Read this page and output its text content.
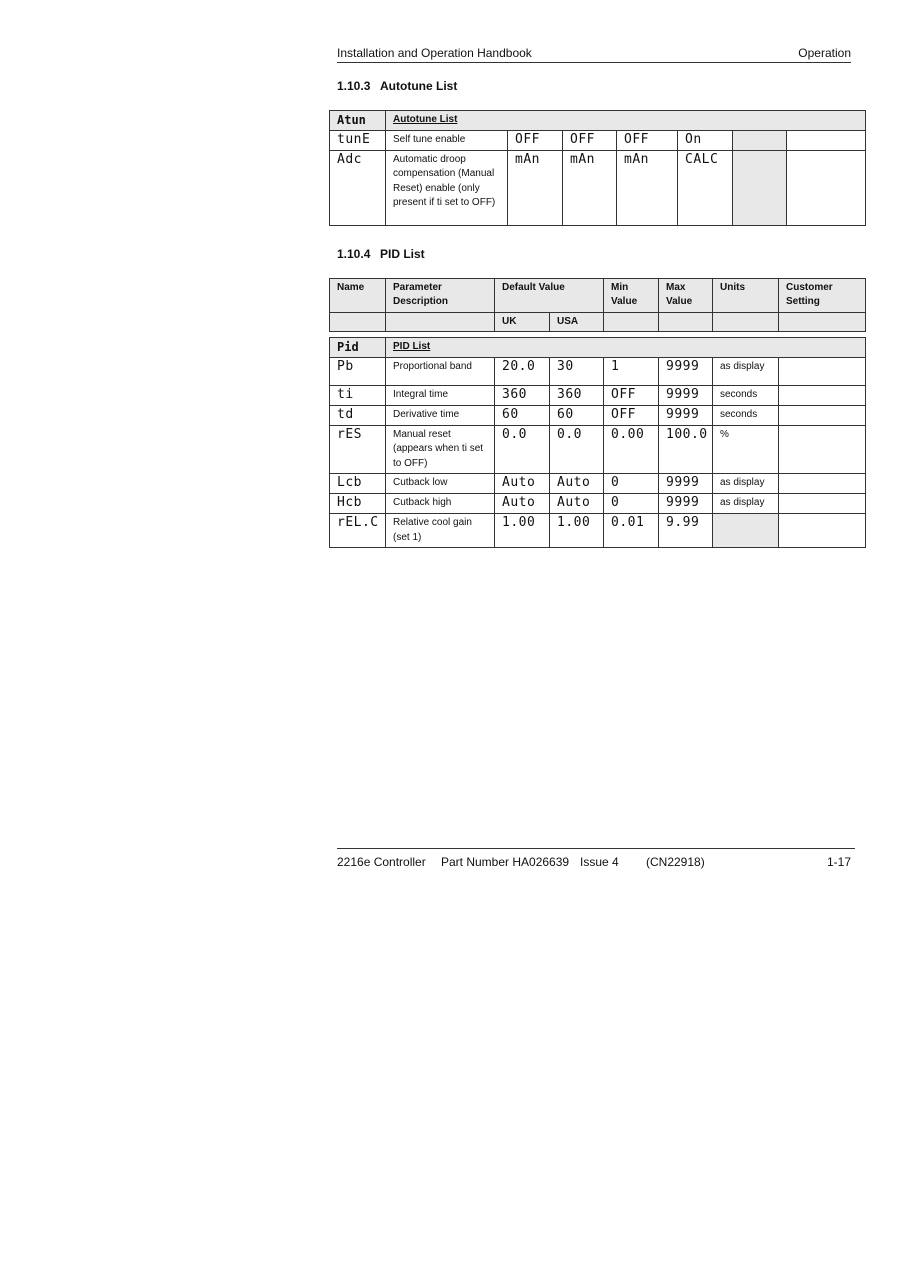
Installation and Operation Handbook	Operation
1.10.3 Autotune List
Atun	Autotune List						
tunE	Self tune enable	OFF	OFF	OFF	On		
Adc	Automatic droop compensation (Manual Reset) enable (only present if ti set to OFF)	mAn	mAn	mAn	CALC		
1.10.4 PID List
Name	Parameter Description	Default Value		Min Value	Max Value	Units	Customer Setting
		UK	USA				
Pid	PID List						
Pb	Proportional band	20.0	30	1	9999	as display	
ti	Integral time	360	360	OFF	9999	seconds	
td	Derivative time	60	60	OFF	9999	seconds	
rES	Manual reset (appears when ti set to OFF)	0.0	0.0	0.00	100.0	%	
Lcb	Cutback low	Auto	Auto	0	9999	as display	
Hcb	Cutback high	Auto	Auto	0	9999	as display	
rEL.C	Relative cool gain (set 1)	1.00	1.00	0.01	9.99		
2216e Controller Part Number HA026639 Issue 4 (CN22918)	1-17
